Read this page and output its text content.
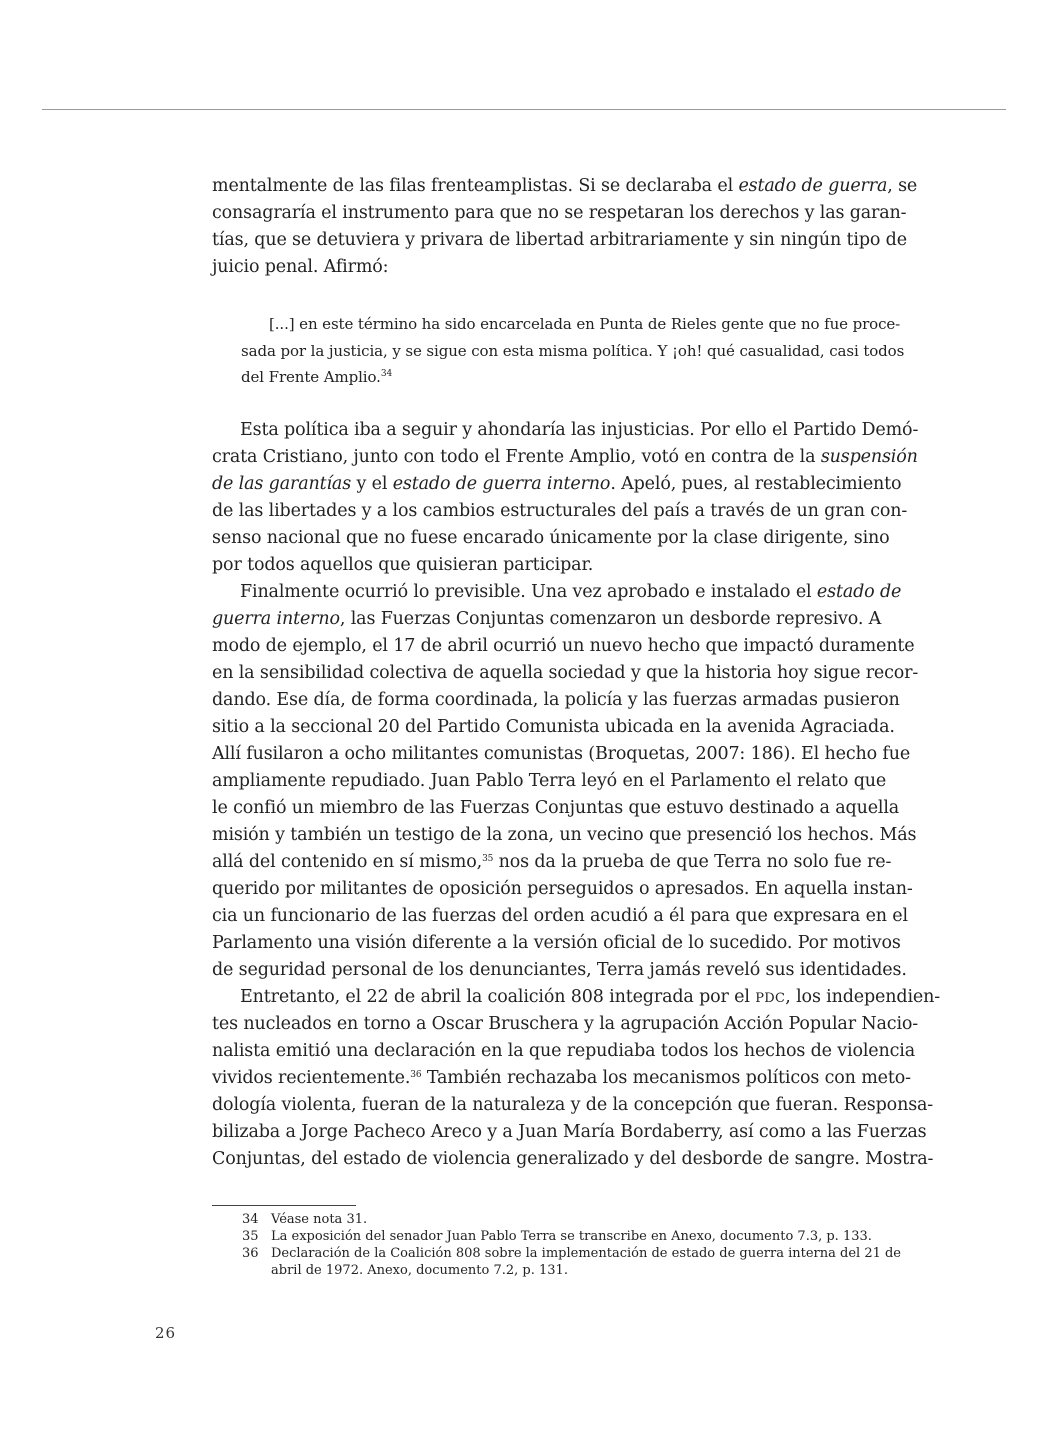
mentalmente de las filas frenteamplistas. Si se declaraba el estado de guerra, se
consagraría el instrumento para que no se respetaran los derechos y las garan-
tías, que se detuviera y privara de libertad arbitrariamente y sin ningún tipo de
juicio penal. Afirmó:
[...] en este término ha sido encarcelada en Punta de Rieles gente que no fue proce-
sada por la justicia, y se sigue con esta misma política. Y ¡oh! qué casualidad, casi todos
del Frente Amplio.$^{34}$
Esta política iba a seguir y ahondaría las injusticias. Por ello el Partido Demó-
crata Cristiano, junto con todo el Frente Amplio, votó en contra de la suspensión
de las garantías y el estado de guerra interno. Apeló, pues, al restablecimiento
de las libertades y a los cambios estructurales del país a través de un gran con-
senso nacional que no fuese encarado únicamente por la clase dirigente, sino
por todos aquellos que quisieran participar.
Finalmente ocurrió lo previsible. Una vez aprobado e instalado el estado de
guerra interno, las Fuerzas Conjuntas comenzaron un desborde represivo. A
modo de ejemplo, el 17 de abril ocurrió un nuevo hecho que impactó duramente
en la sensibilidad colectiva de aquella sociedad y que la historia hoy sigue recor-
dando. Ese día, de forma coordinada, la policía y las fuerzas armadas pusieron
sitio a la seccional 20 del Partido Comunista ubicada en la avenida Agraciada.
Allí fusilaron a ocho militantes comunistas (Broquetas, 2007: 186). El hecho fue
ampliamente repudiado. Juan Pablo Terra leyó en el Parlamento el relato que
le confió un miembro de las Fuerzas Conjuntas que estuvo destinado a aquella
misión y también un testigo de la zona, un vecino que presenció los hechos. Más
allá del contenido en sí mismo,$^{35}$ nos da la prueba de que Terra no solo fue re-
querido por militantes de oposición perseguidos o apresados. En aquella instan-
cia un funcionario de las fuerzas del orden acudió a él para que expresara en el
Parlamento una visión diferente a la versión oficial de lo sucedido. Por motivos
de seguridad personal de los denunciantes, Terra jamás reveló sus identidades.
Entretanto, el 22 de abril la coalición 808 integrada por el PDC, los independien-
tes nucleados en torno a Oscar Bruschera y la agrupación Acción Popular Nacio-
nalista emitió una declaración en la que repudiaba todos los hechos de violencia
vividos recientemente.$^{36}$ También rechazaba los mecanismos políticos con meto-
dología violenta, fueran de la naturaleza y de la concepción que fueran. Responsa-
bilizaba a Jorge Pacheco Areco y a Juan María Bordaberry, así como a las Fuerzas
Conjuntas, del estado de violencia generalizado y del desborde de sangre. Mostra-
34 Véase nota 31.
35 La exposición del senador Juan Pablo Terra se transcribe en Anexo, documento 7.3, p. 133.
36 Declaración de la Coalición 808 sobre la implementación de estado de guerra interna del 21 de
abril de 1972. Anexo, documento 7.2, p. 131.
26
